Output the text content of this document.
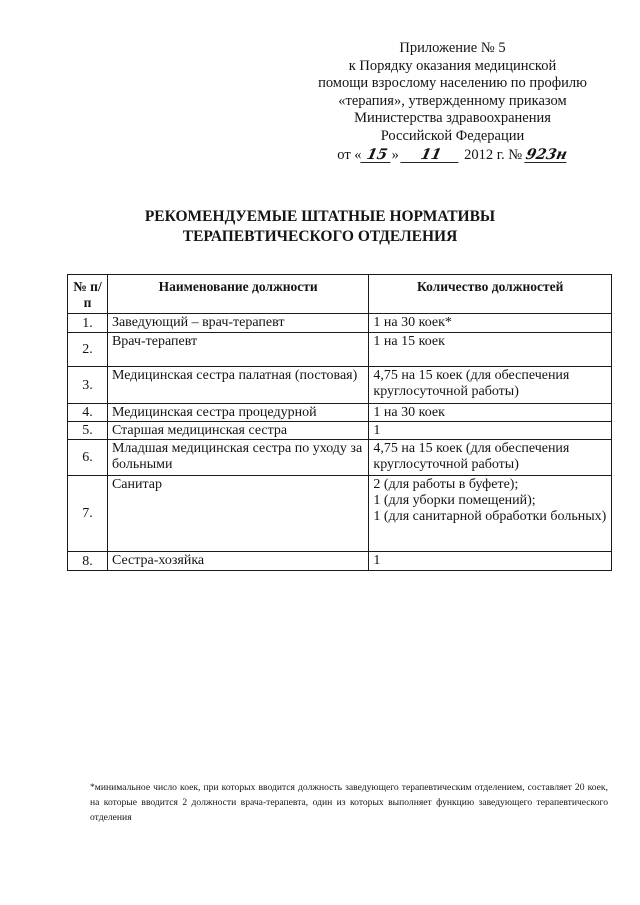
Приложение № 5
к Порядку оказания медицинской
помощи взрослому населению по профилю
«терапия», утвержденному приказом
Министерства здравоохранения
Российской Федерации
от « 15 » 11 2012 г. № 923н
РЕКОМЕНДУЕМЫЕ ШТАТНЫЕ НОРМАТИВЫ
ТЕРАПЕВТИЧЕСКОГО ОТДЕЛЕНИЯ
№ п/п	Наименование должности	Количество должностей
1.	Заведующий – врач-терапевт	1 на 30 коек*
2.	Врач-терапевт	1 на 15 коек
3.	Медицинская сестра палатная (постовая)	4,75 на 15 коек (для обеспечения круглосуточной работы)
4.	Медицинская сестра процедурной	1 на 30 коек
5.	Старшая медицинская сестра	1
6.	Младшая медицинская сестра по уходу за больными	4,75 на 15 коек (для обеспечения круглосуточной работы)
7.	Санитар	2 (для работы в буфете);
1 (для уборки помещений);
1 (для санитарной обработки больных)

8.	Сестра-хозяйка	1
*минимальное число коек, при которых вводится должность заведующего терапевтическим отделением, составляет 20 коек, на которые вводится 2 должности врача-терапевта, один из которых выполняет функцию заведующего терапевтического отделения
